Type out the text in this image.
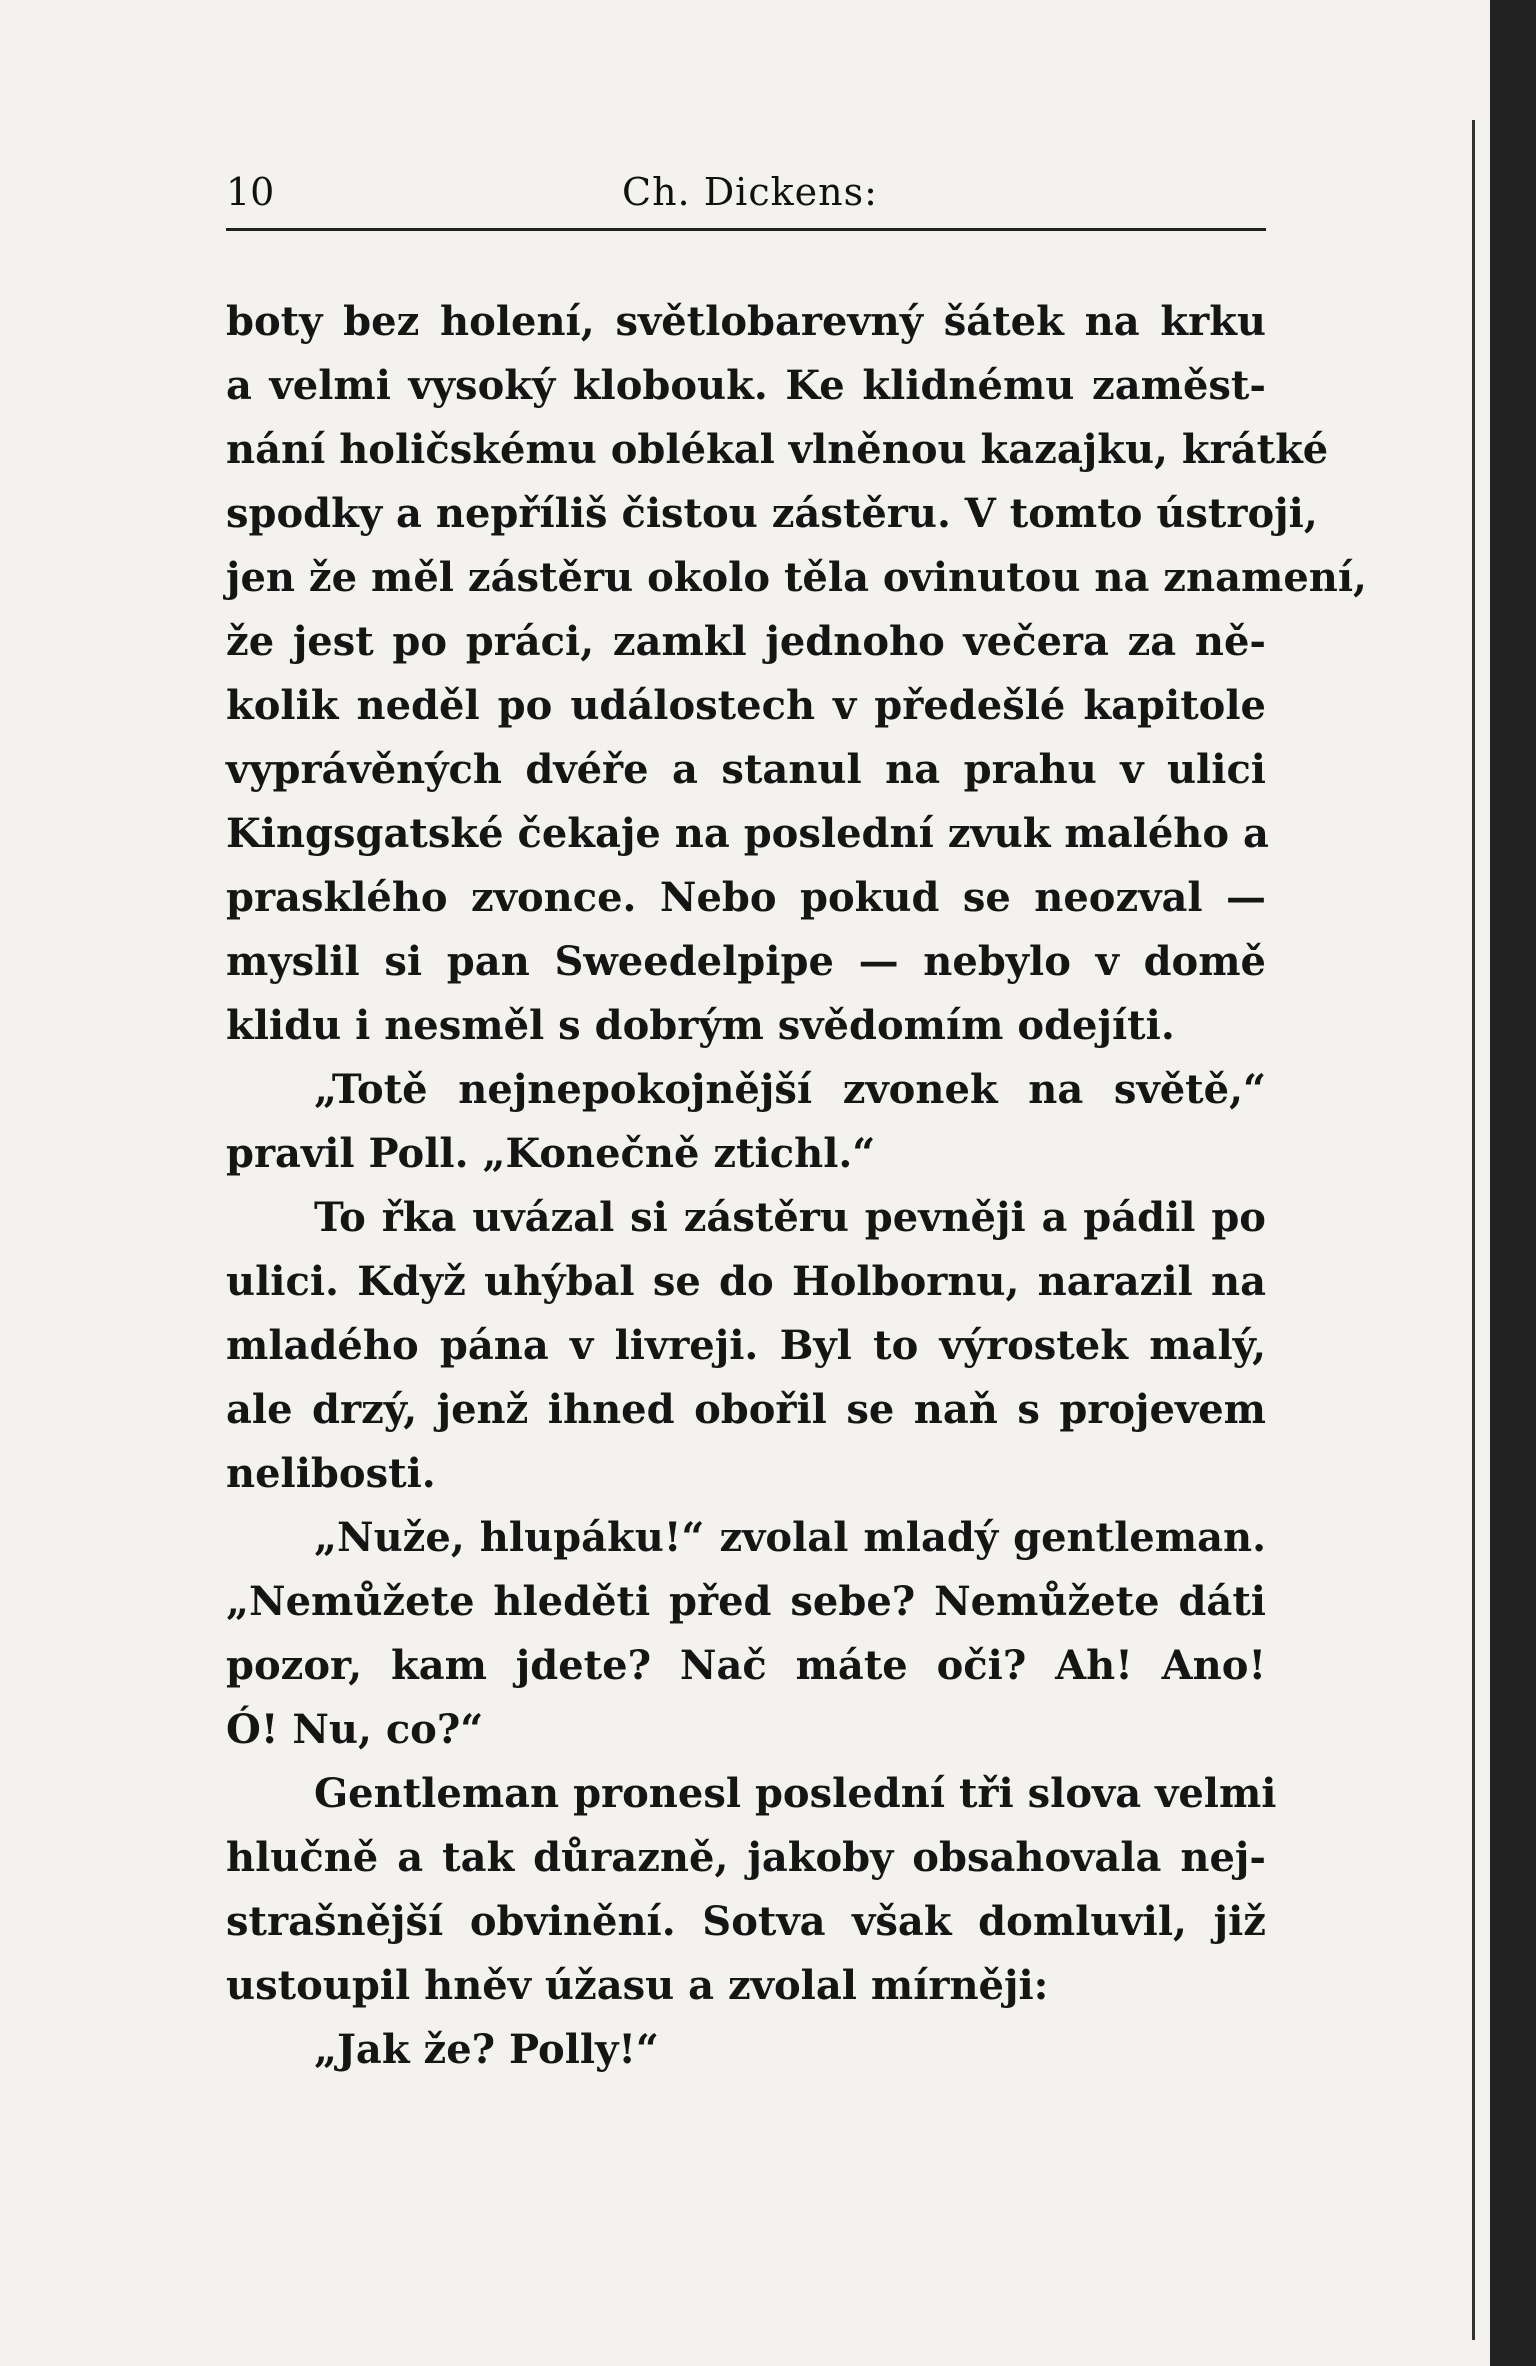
10	Ch. Dickens:
boty bez holení, světlobarevný šátek na krku
a velmi vysoký klobouk. Ke klidnému zaměst-
nání holičskému oblékal vlněnou kazajku, krátké
spodky a nepříliš čistou zástěru. V tomto ústroji,
jen že měl zástěru okolo těla ovinutou na znamení,
že jest po práci, zamkl jednoho večera za ně-
kolik neděl po událostech v předešlé kapitole
vyprávěných dvéře a stanul na prahu v ulici
Kingsgatské čekaje na poslední zvuk malého a
prasklého zvonce. Nebo pokud se neozval —
myslil si pan Sweedelpipe — nebylo v domě
klidu i nesměl s dobrým svědomím odejíti.
„Totě nejnepokojnější zvonek na světě,“
pravil Poll. „Konečně ztichl.“
To řka uvázal si zástěru pevněji a pádil po
ulici. Když uhýbal se do Holbornu, narazil na
mladého pána v livreji. Byl to výrostek malý,
ale drzý, jenž ihned obořil se naň s projevem
nelibosti.
„Nuže, hlupáku!“ zvolal mladý gentleman.
„Nemůžete hleděti před sebe? Nemůžete dáti
pozor, kam jdete? Nač máte oči? Ah! Ano!
Ó! Nu, co?“
Gentleman pronesl poslední tři slova velmi
hlučně a tak důrazně, jakoby obsahovala nej-
strašnější obvinění. Sotva však domluvil, již
ustoupil hněv úžasu a zvolal mírněji:
„Jak že? Polly!“
